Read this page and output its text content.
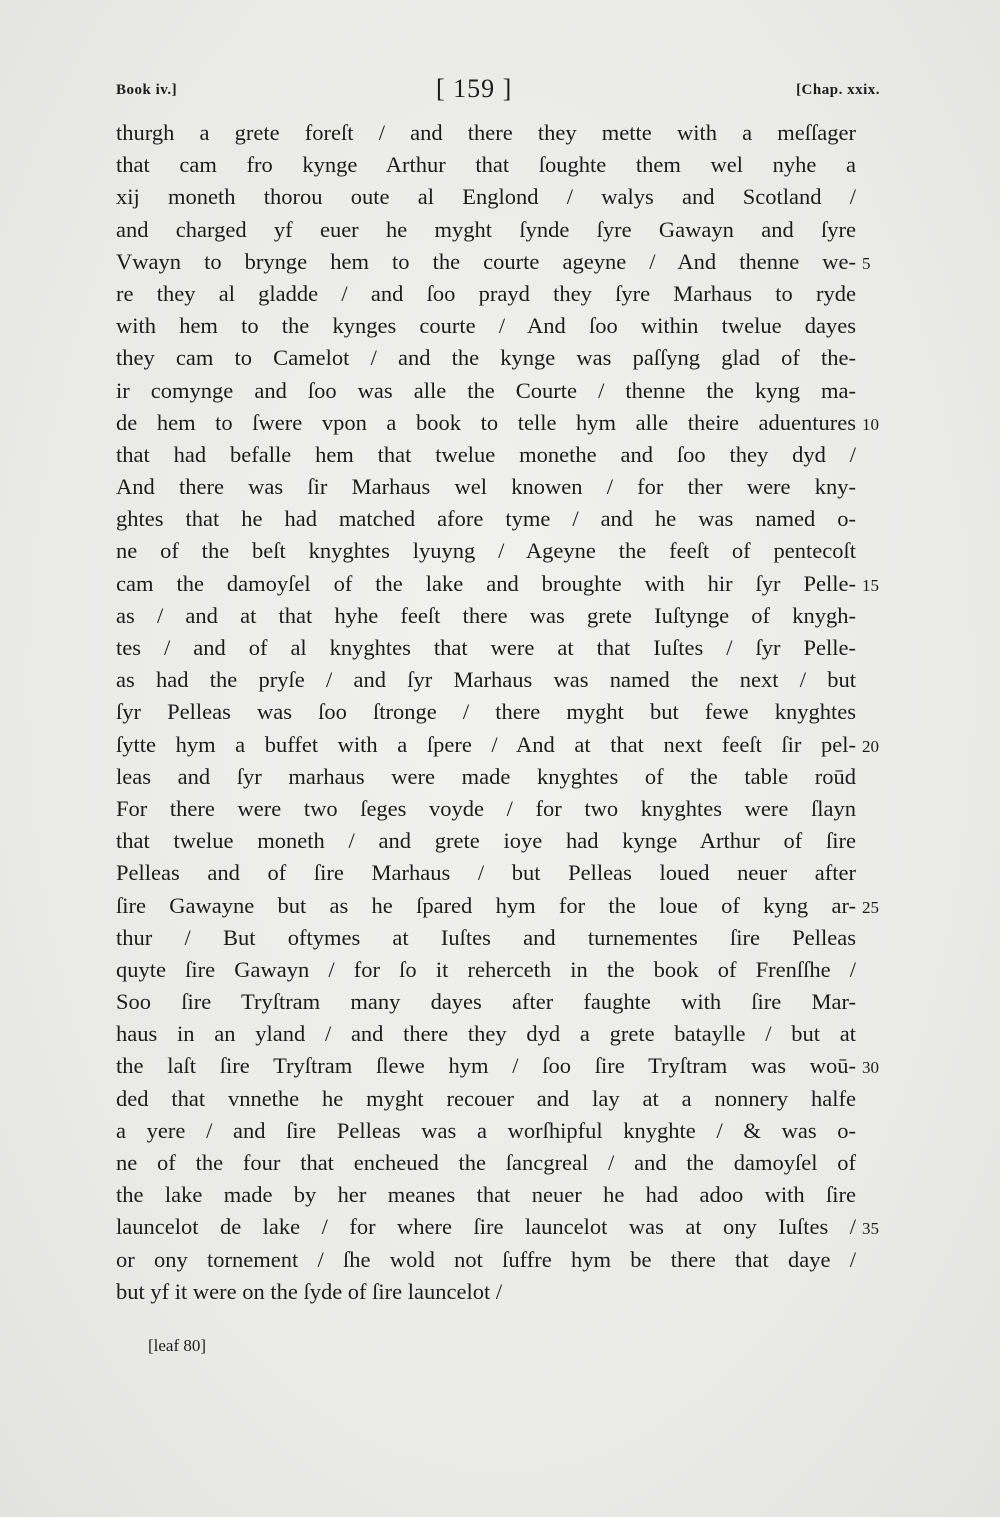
Book iv.]	[ 159 ]	[Chap. xxix.
thurgh a grete foreſt / and there they mette with a meſſager
that cam fro kynge Arthur that ſoughte them wel nyhe a
xij moneth thorou oute al Englond / walys and Scotland /
and charged yf euer he myght ſynde ſyre Gawayn and ſyre
Vwayn to brynge hem to the courte ageyne / And thenne we- 5
re they al gladde / and ſoo prayd they ſyre Marhaus to ryde
with hem to the kynges courte / And ſoo within twelue dayes
they cam to Camelot / and the kynge was paſſyng glad of the-
ir comynge and ſoo was alle the Courte / thenne the kyng ma-
de hem to ſwere vpon a book to telle hym alle theire aduentures 10
that had befalle hem that twelue monethe and ſoo they dyd /
And there was ſir Marhaus wel knowen / for ther were kny-
ghtes that he had matched afore tyme / and he was named o-
ne of the beſt knyghtes lyuyng / Ageyne the feeſt of pentecoſt
cam the damoyſel of the lake and broughte with hir ſyr Pelle- 15
as / and at that hyhe feeſt there was grete Iuſtynge of knygh-
tes / and of al knyghtes that were at that Iuſtes / ſyr Pelle-
as had the pryſe / and ſyr Marhaus was named the next / but
ſyr Pelleas was ſoo ſtronge / there myght but fewe knyghtes
ſytte hym a buffet with a ſpere / And at that next feeſt ſir pel- 20
leas and ſyr marhaus were made knyghtes of the table roūd
For there were two ſeges voyde / for two knyghtes were ſlayn
that twelue moneth / and grete ioye had kynge Arthur of ſire
Pelleas and of ſire Marhaus / but Pelleas loued neuer after
ſire Gawayne but as he ſpared hym for the loue of kyng ar- 25
thur / But oftymes at Iuſtes and turnementes ſire Pelleas
quyte ſire Gawayn / for ſo it reherceth in the book of Frenſſhe /
Soo ſire Tryſtram many dayes after faughte with ſire Mar-
haus in an yland / and there they dyd a grete bataylle / but at
the laſt ſire Tryſtram ſlewe hym / ſoo ſire Tryſtram was woū- 30
ded that vnnethe he myght recouer and lay at a nonnery halfe
a yere / and ſire Pelleas was a worſhipful knyghte / & was o-
ne of the four that encheued the ſancgreal / and the damoyſel of
the lake made by her meanes that neuer he had adoo with ſire
launcelot de lake / for where ſire launcelot was at ony Iuſtes / 35
or ony tornement / ſhe wold not ſuffre hym be there that daye /
but yf it were on the ſyde of ſire launcelot /
[leaf 80]
